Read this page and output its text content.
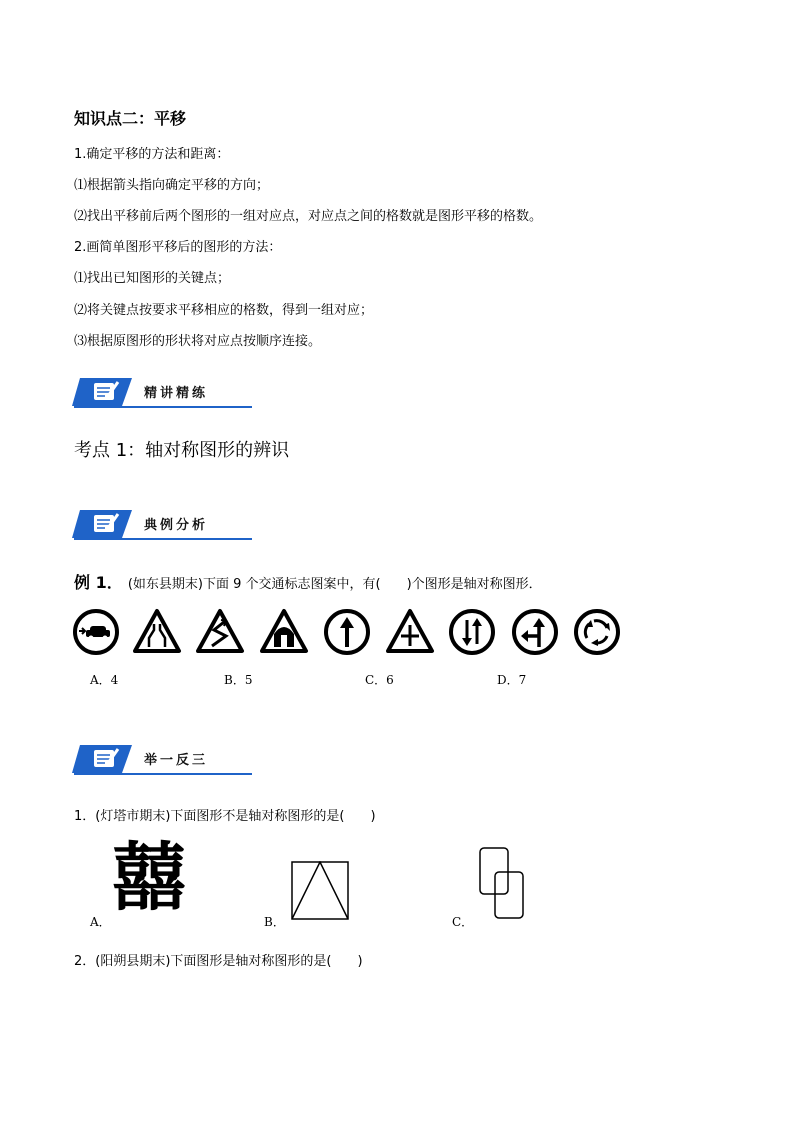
知识点二：平移
1.确定平移的方法和距离：
⑴根据箭头指向确定平移的方向；
⑵找出平移前后两个图形的一组对应点，对应点之间的格数就是图形平移的格数。
2.画简单图形平移后的图形的方法：
⑴找出已知图形的关键点；
⑵将关键点按要求平移相应的格数，得到一组对应；
⑶根据原图形的形状将对应点按顺序连接。
精讲精练
考点 1：轴对称图形的辨识
典例分析
例 1． (如东县期末)下面 9 个交通标志图案中，有(　　)个图形是轴对称图形．
A．4	B．5	C．6	D．7
举一反三
1．(灯塔市期末)下面图形不是轴对称图形的是(　　)
A．
囍
B．	C．
2．(阳朔县期末)下面图形是轴对称图形的是(　　)
